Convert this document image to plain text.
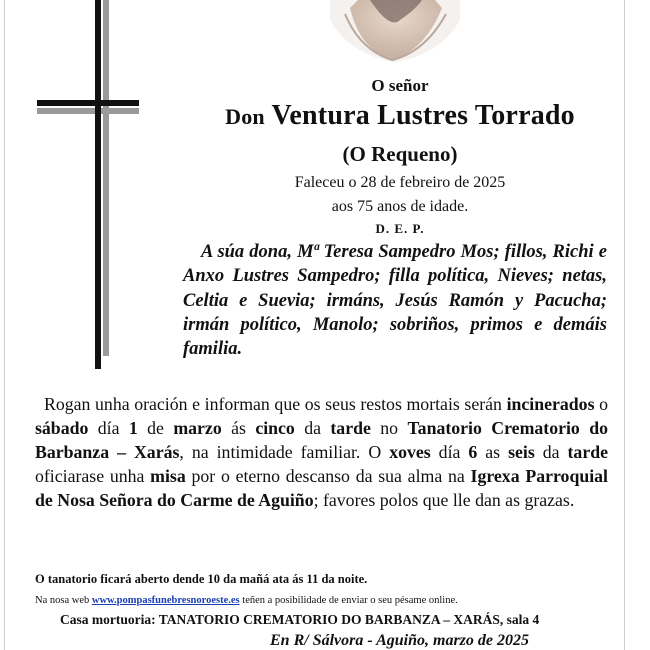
O señor
Don Ventura Lustres Torrado
(O Requeno)
Faleceu o 28 de febreiro de 2025
aos 75 anos de idade.
D. E. P.
A súa dona, Mª Teresa Sampedro Mos; fillos, Richi e Anxo Lustres Sampedro; filla política, Nieves; netas, Celtia e Suevia; irmáns, Jesús Ramón y Pacucha; irmán político, Manolo; sobriños, primos e demáis familia.
Rogan unha oración e informan que os seus restos mortais serán incinerados o sábado día 1 de marzo ás cinco da tarde no Tanatorio Crematorio do Barbanza – Xarás, na intimidade familiar. O xoves día 6 as seis da tarde oficiarase unha misa por o eterno descanso da sua alma na Igrexa Parroquial de Nosa Señora do Carme de Aguiño; favores polos que lle dan as grazas.
O tanatorio ficará aberto dende 10 da mañá ata ás 11 da noite.
Na nosa web www.pompasfunebresnoroeste.es teñen a posibilidade de enviar o seu pésame online.
Casa mortuoria: TANATORIO CREMATORIO DO BARBANZA – XARÁS, sala 4
En R/ Sálvora - Aguiño, marzo de 2025
